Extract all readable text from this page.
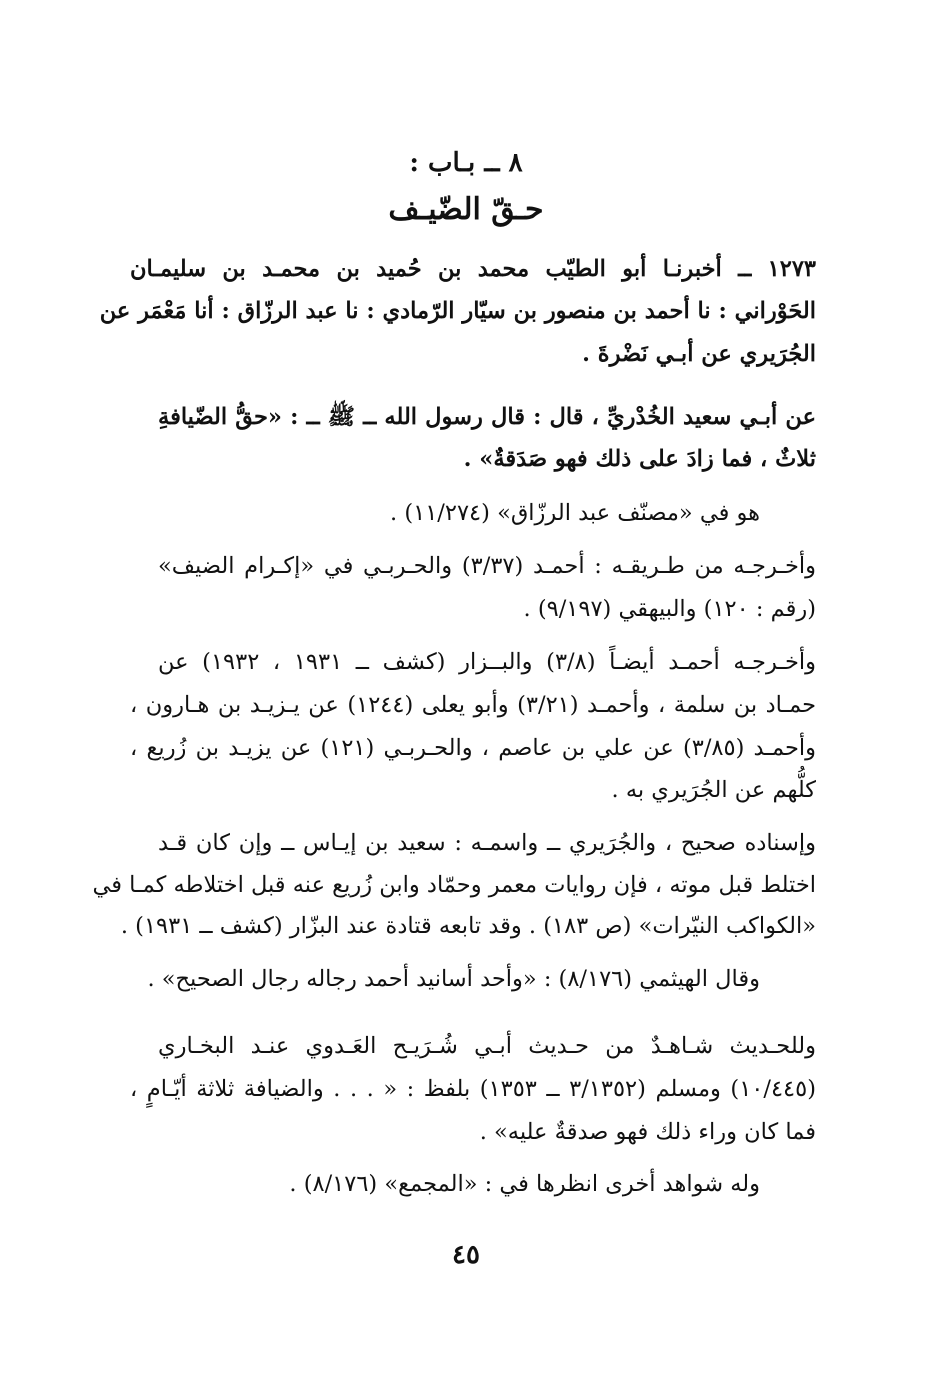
٨ ــ بـاب :
حـقّ الضّيـف
١٢٧٣ ــ أخبرنـا أبو الطيّب محمد بن حُميد بن محمـد بن سليمـان
الحَوْراني : نا أحمد بن منصور بن سيّار الرّمادي : نا عبد الرزّاق : أنا مَعْمَر عن
الجُرَيري عن أبـي نَضْرةَ .
عن أبـي سعيد الخُدْريِّ ، قال : قال رسول الله ــ ﷺ ــ : «حقُّ الضّيافةِ
ثلاثٌ ، فما زادَ على ذلك فهو صَدَقةٌ» .
هو في «مصنّف عبد الرزّاق» (١١/٢٧٤) .
وأخـرجـه من طـريقـه : أحمـد (٣/٣٧) والحـربـي في «إكـرام الضيف»
(رقم : ١٢٠) والبيهقي (٩/١٩٧) .
وأخـرجـه أحمـد أيضـاً (٣/٨) والبــزار (كشف ــ ١٩٣١ ، ١٩٣٢) عن
حمـاد بن سلمة ، وأحمـد (٣/٢١) وأبو يعلى (١٢٤٤) عن يـزيـد بن هـارون ،
وأحمـد (٣/٨٥) عن علي بن عاصم ، والحـربـي (١٢١) عن يزيـد بن زُريع ،
كلُّهم عن الجُرَيري به .
وإسناده صحيح ، والجُرَيري ــ واسمـه : سعيد بن إيـاس ــ وإن كان قـد
اختلط قبل موته ، فإن روايات معمر وحمّاد وابن زُريع عنه قبل اختلاطه كمـا في
«الكواكب النيّرات» (ص ١٨٣) . وقد تابعه قتادة عند البزّار (كشف ــ ١٩٣١) .
وقال الهيثمي (٨/١٧٦) : «وأحد أسانيد أحمد رجاله رجال الصحيح» .
وللحـديث شـاهـدٌ من حـديث أبـي شُـرَيـح العَـدوي عنـد البخـاري
(١٠/٤٤٥) ومسلم (٣/١٣٥٢ ــ ١٣٥٣) بلفظ : « . . . والضيافة ثلاثة أيّـامٍ ،
فما كان وراء ذلك فهو صدقةٌ عليه» .
وله شواهد أخرى انظرها في : «المجمع» (٨/١٧٦) .
٤٥
